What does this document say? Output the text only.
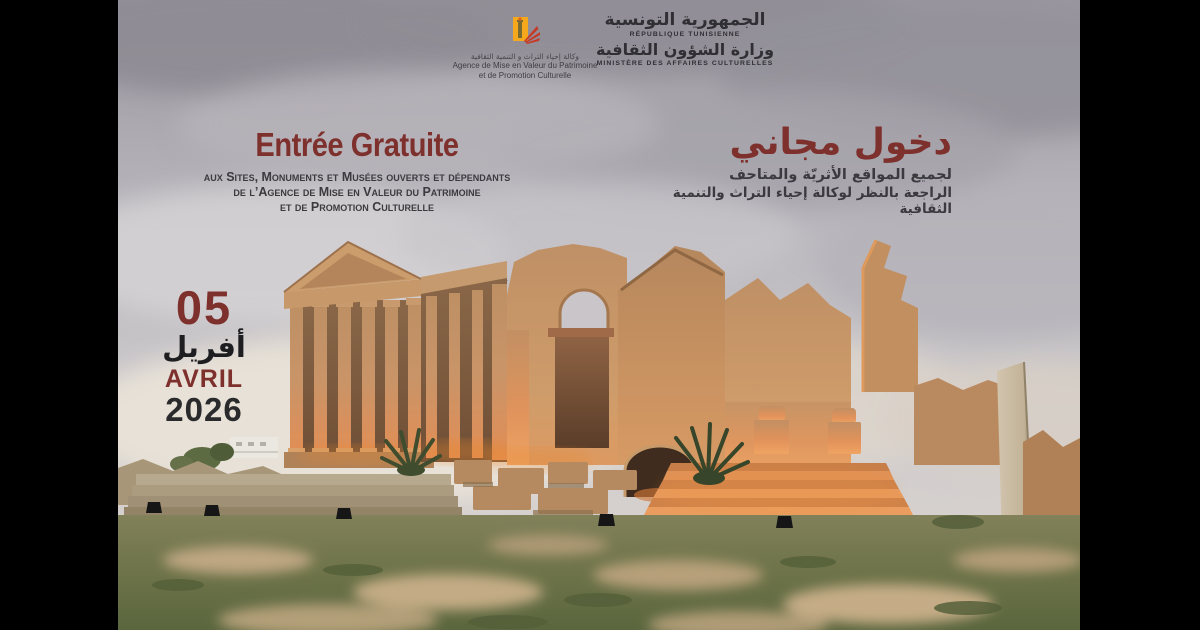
وكالة إحياء التراث و التنمية الثقافية
Agence de Mise en Valeur du Patrimoine
et de Promotion Culturelle
الجمهورية التونسية
RÉPUBLIQUE TUNISIENNE
وزارة الشؤون الثقافية
MINISTÈRE DES AFFAIRES CULTURELLES
Entrée Gratuite
aux Sites, Monuments et Musées ouverts et dépendants
de l’Agence de Mise en Valeur du Patrimoine
et de Promotion Culturelle
دخول مجاني
لجميع المواقع الأثريّة والمتاحف
الراجعة بالنظر لوكالة إحياء التراث والتنمية الثقافية
05
أفريل
AVRIL
2026
